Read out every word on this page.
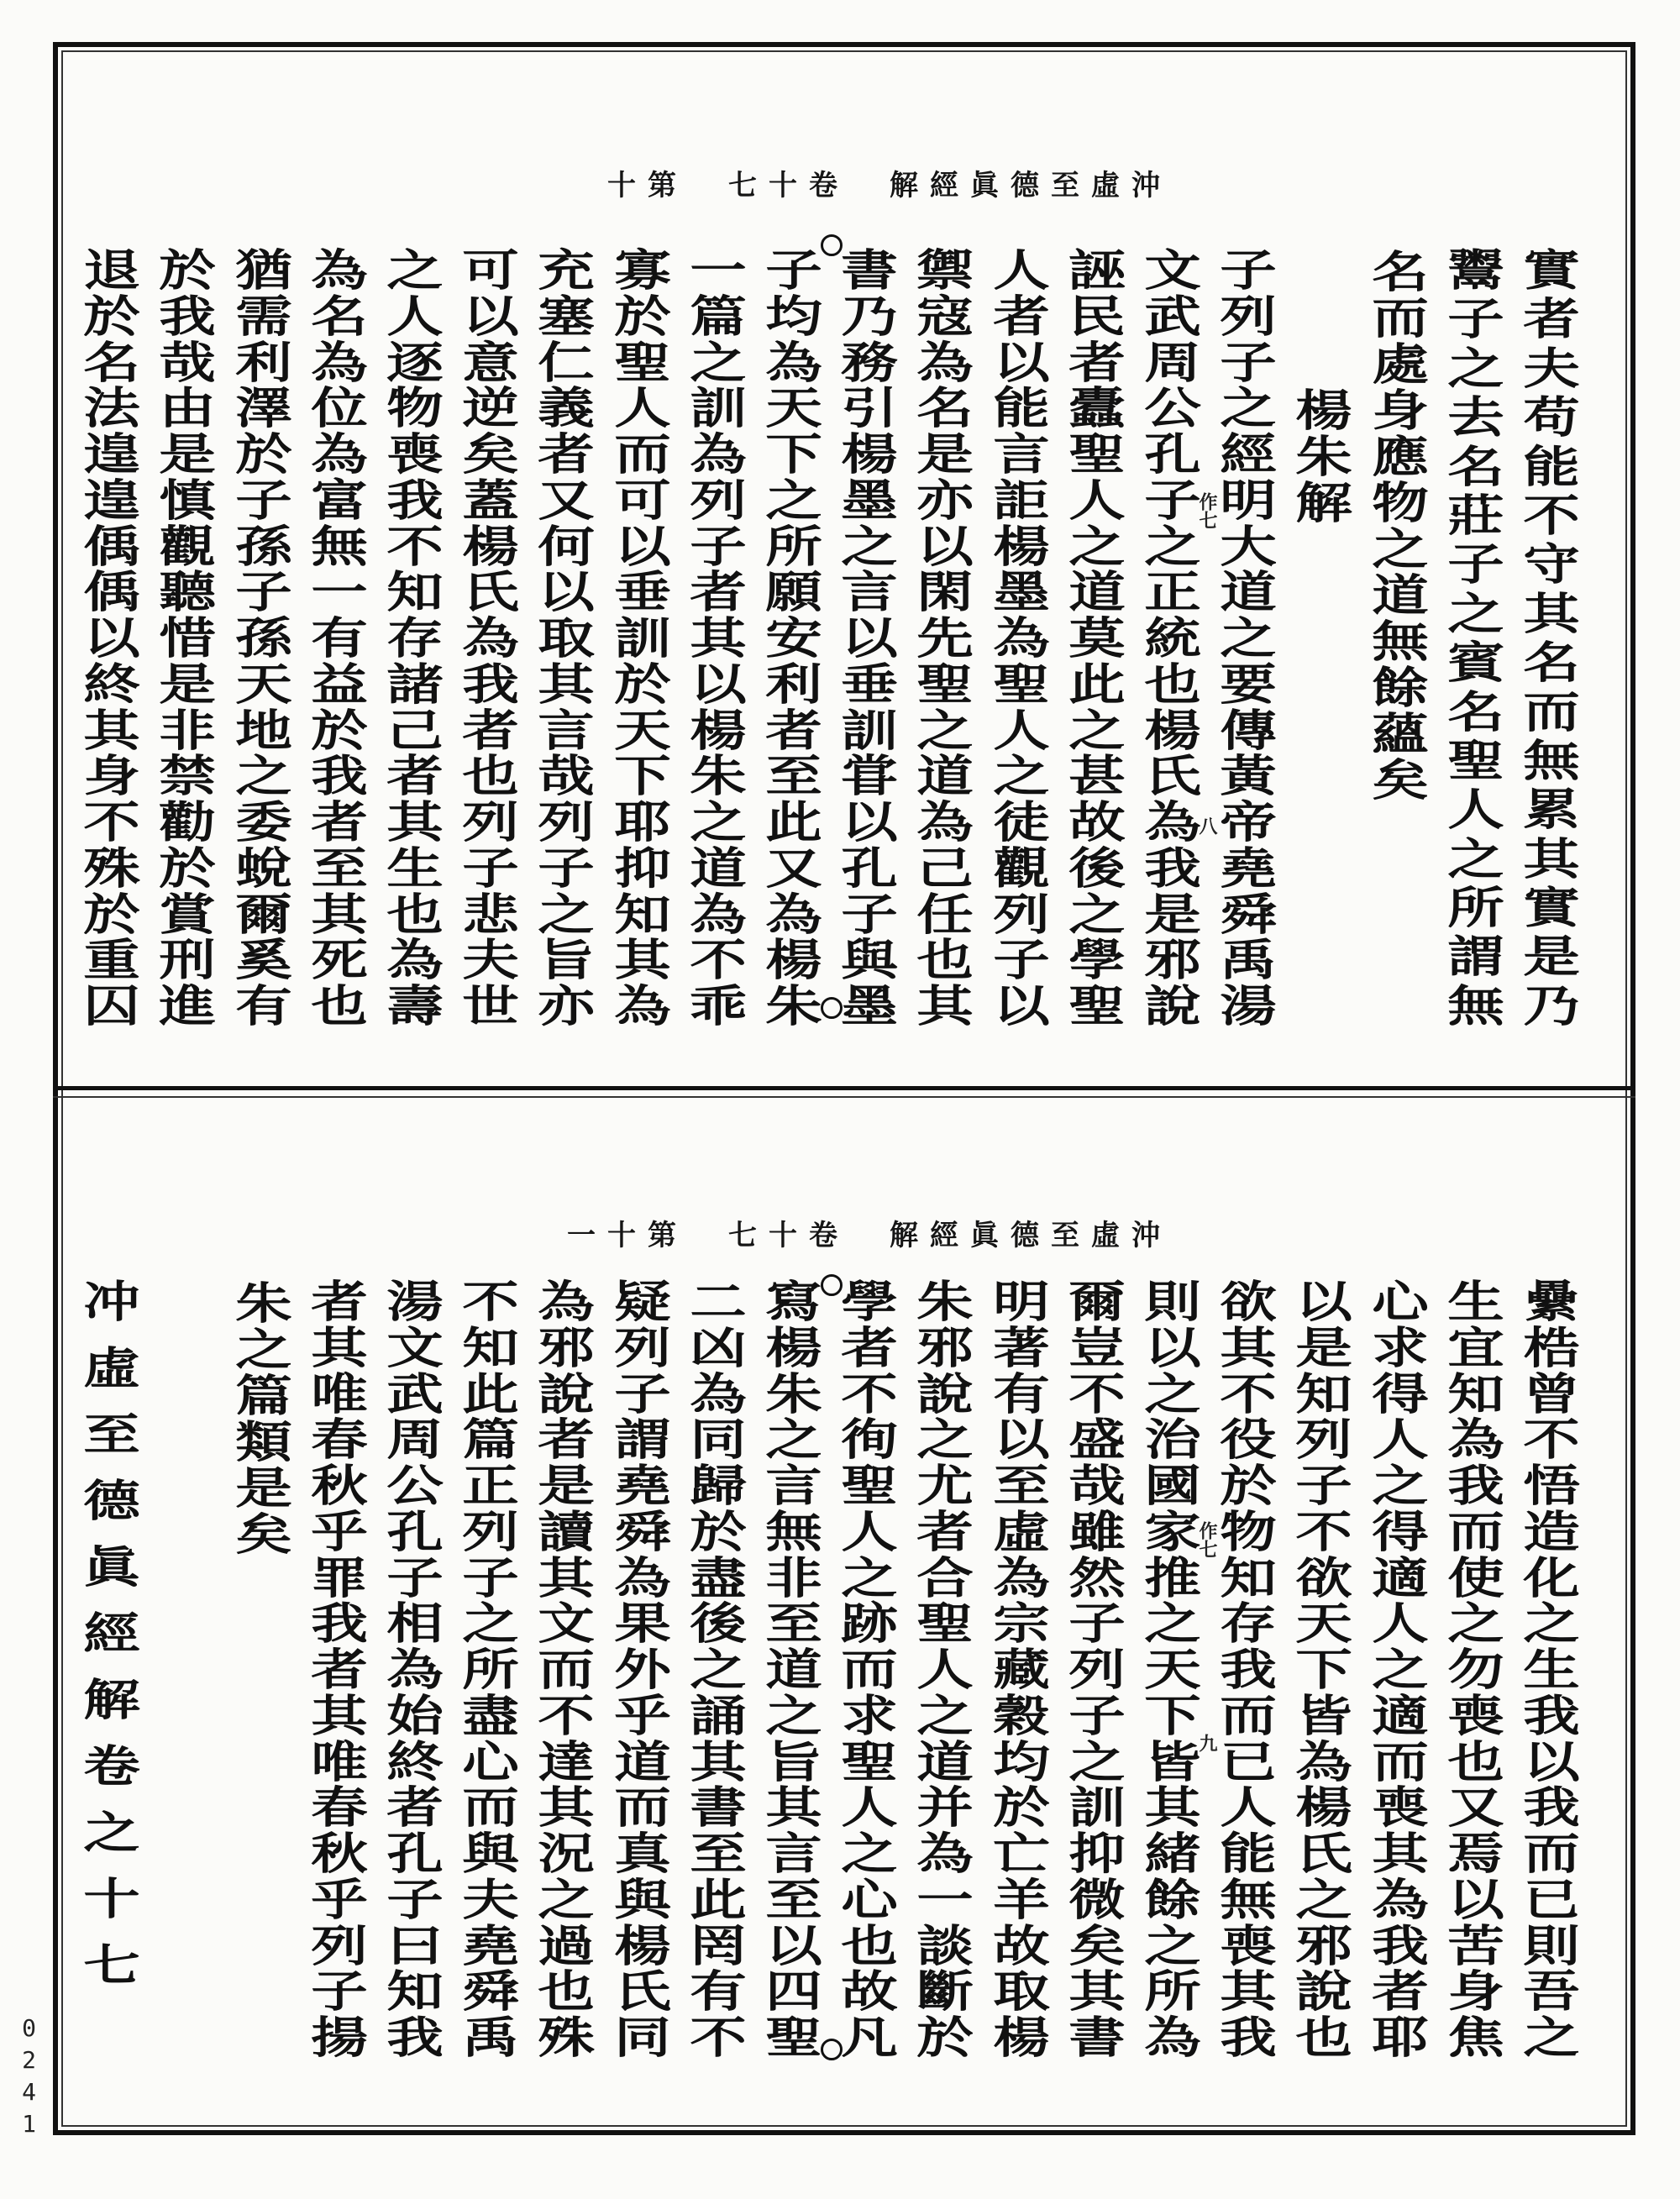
沖虛至德眞經解　卷十七　第十
實
者
夫
苟
能
不
守
其
名
而
無
累
其
實
是
乃
鬻
子
之
去
名
莊
子
之
賓
名
聖
人
之
所
謂
無
名
而
處
身
應
物
之
道
無
餘
蘊
矣
楊
朱
解
子
列
子
之
經
明
大
道
之
要
傳
黃
帝
堯
舜
禹
湯
文
武
周
公
孔
子
之
正
統
也
楊
氏
為
我
是
邪
說
誣
民
者
蠹
聖
人
之
道
莫
此
之
甚
故
後
之
學
聖
人
者
以
能
言
詎
楊
墨
為
聖
人
之
徒
觀
列
子
以
禦
寇
為
名
是
亦
以
閑
先
聖
之
道
為
己
任
也
其
書
乃
務
引
楊
墨
之
言
以
垂
訓
甞
以
孔
子
與
墨
子
均
為
天
下
之
所
願
安
利
者
至
此
又
為
楊
朱
一
篇
之
訓
為
列
子
者
其
以
楊
朱
之
道
為
不
乖
寡
於
聖
人
而
可
以
垂
訓
於
天
下
耶
抑
知
其
為
充
塞
仁
義
者
又
何
以
取
其
言
哉
列
子
之
旨
亦
可
以
意
逆
矣
蓋
楊
氏
為
我
者
也
列
子
悲
夫
世
之
人
逐
物
喪
我
不
知
存
諸
己
者
其
生
也
為
壽
為
名
為
位
為
富
無
一
有
益
於
我
者
至
其
死
也
猶
需
利
澤
於
子
孫
子
孫
天
地
之
委
蛻
爾
奚
有
於
我
哉
由
是
慎
觀
聽
惜
是
非
禁
勸
於
賞
刑
進
退
於
名
法
遑
遑
偊
偊
以
終
其
身
不
殊
於
重
囚
作七
八
沖虛至德眞經解　卷十七　第十一
纍
梏
曾
不
悟
造
化
之
生
我
以
我
而
已
則
吾
之
生
宜
知
為
我
而
使
之
勿
喪
也
又
焉
以
苦
身
焦
心
求
得
人
之
得
適
人
之
適
而
喪
其
為
我
者
耶
以
是
知
列
子
不
欲
天
下
皆
為
楊
氏
之
邪
說
也
欲
其
不
役
於
物
知
存
我
而
已
人
能
無
喪
其
我
則
以
之
治
國
家
推
之
天
下
皆
其
緒
餘
之
所
為
爾
豈
不
盛
哉
雖
然
子
列
子
之
訓
抑
微
矣
其
書
明
著
有
以
至
虛
為
宗
藏
穀
均
於
亡
羊
故
取
楊
朱
邪
說
之
尤
者
合
聖
人
之
道
并
為
一
談
斷
於
學
者
不
徇
聖
人
之
跡
而
求
聖
人
之
心
也
故
凡
寫
楊
朱
之
言
無
非
至
道
之
旨
其
言
至
以
四
聖
二
凶
為
同
歸
於
盡
後
之
誦
其
書
至
此
罔
有
不
疑
列
子
謂
堯
舜
為
果
外
乎
道
而
真
與
楊
氏
同
為
邪
說
者
是
讀
其
文
而
不
達
其
況
之
過
也
殊
不
知
此
篇
正
列
子
之
所
盡
心
而
與
夫
堯
舜
禹
湯
文
武
周
公
孔
子
相
為
始
終
者
孔
子
曰
知
我
者
其
唯
春
秋
乎
罪
我
者
其
唯
春
秋
乎
列
子
揚
朱
之
篇
類
是
矣
冲
虛
至
德
眞
經
解
卷
之
十
七
作七
九
0241
